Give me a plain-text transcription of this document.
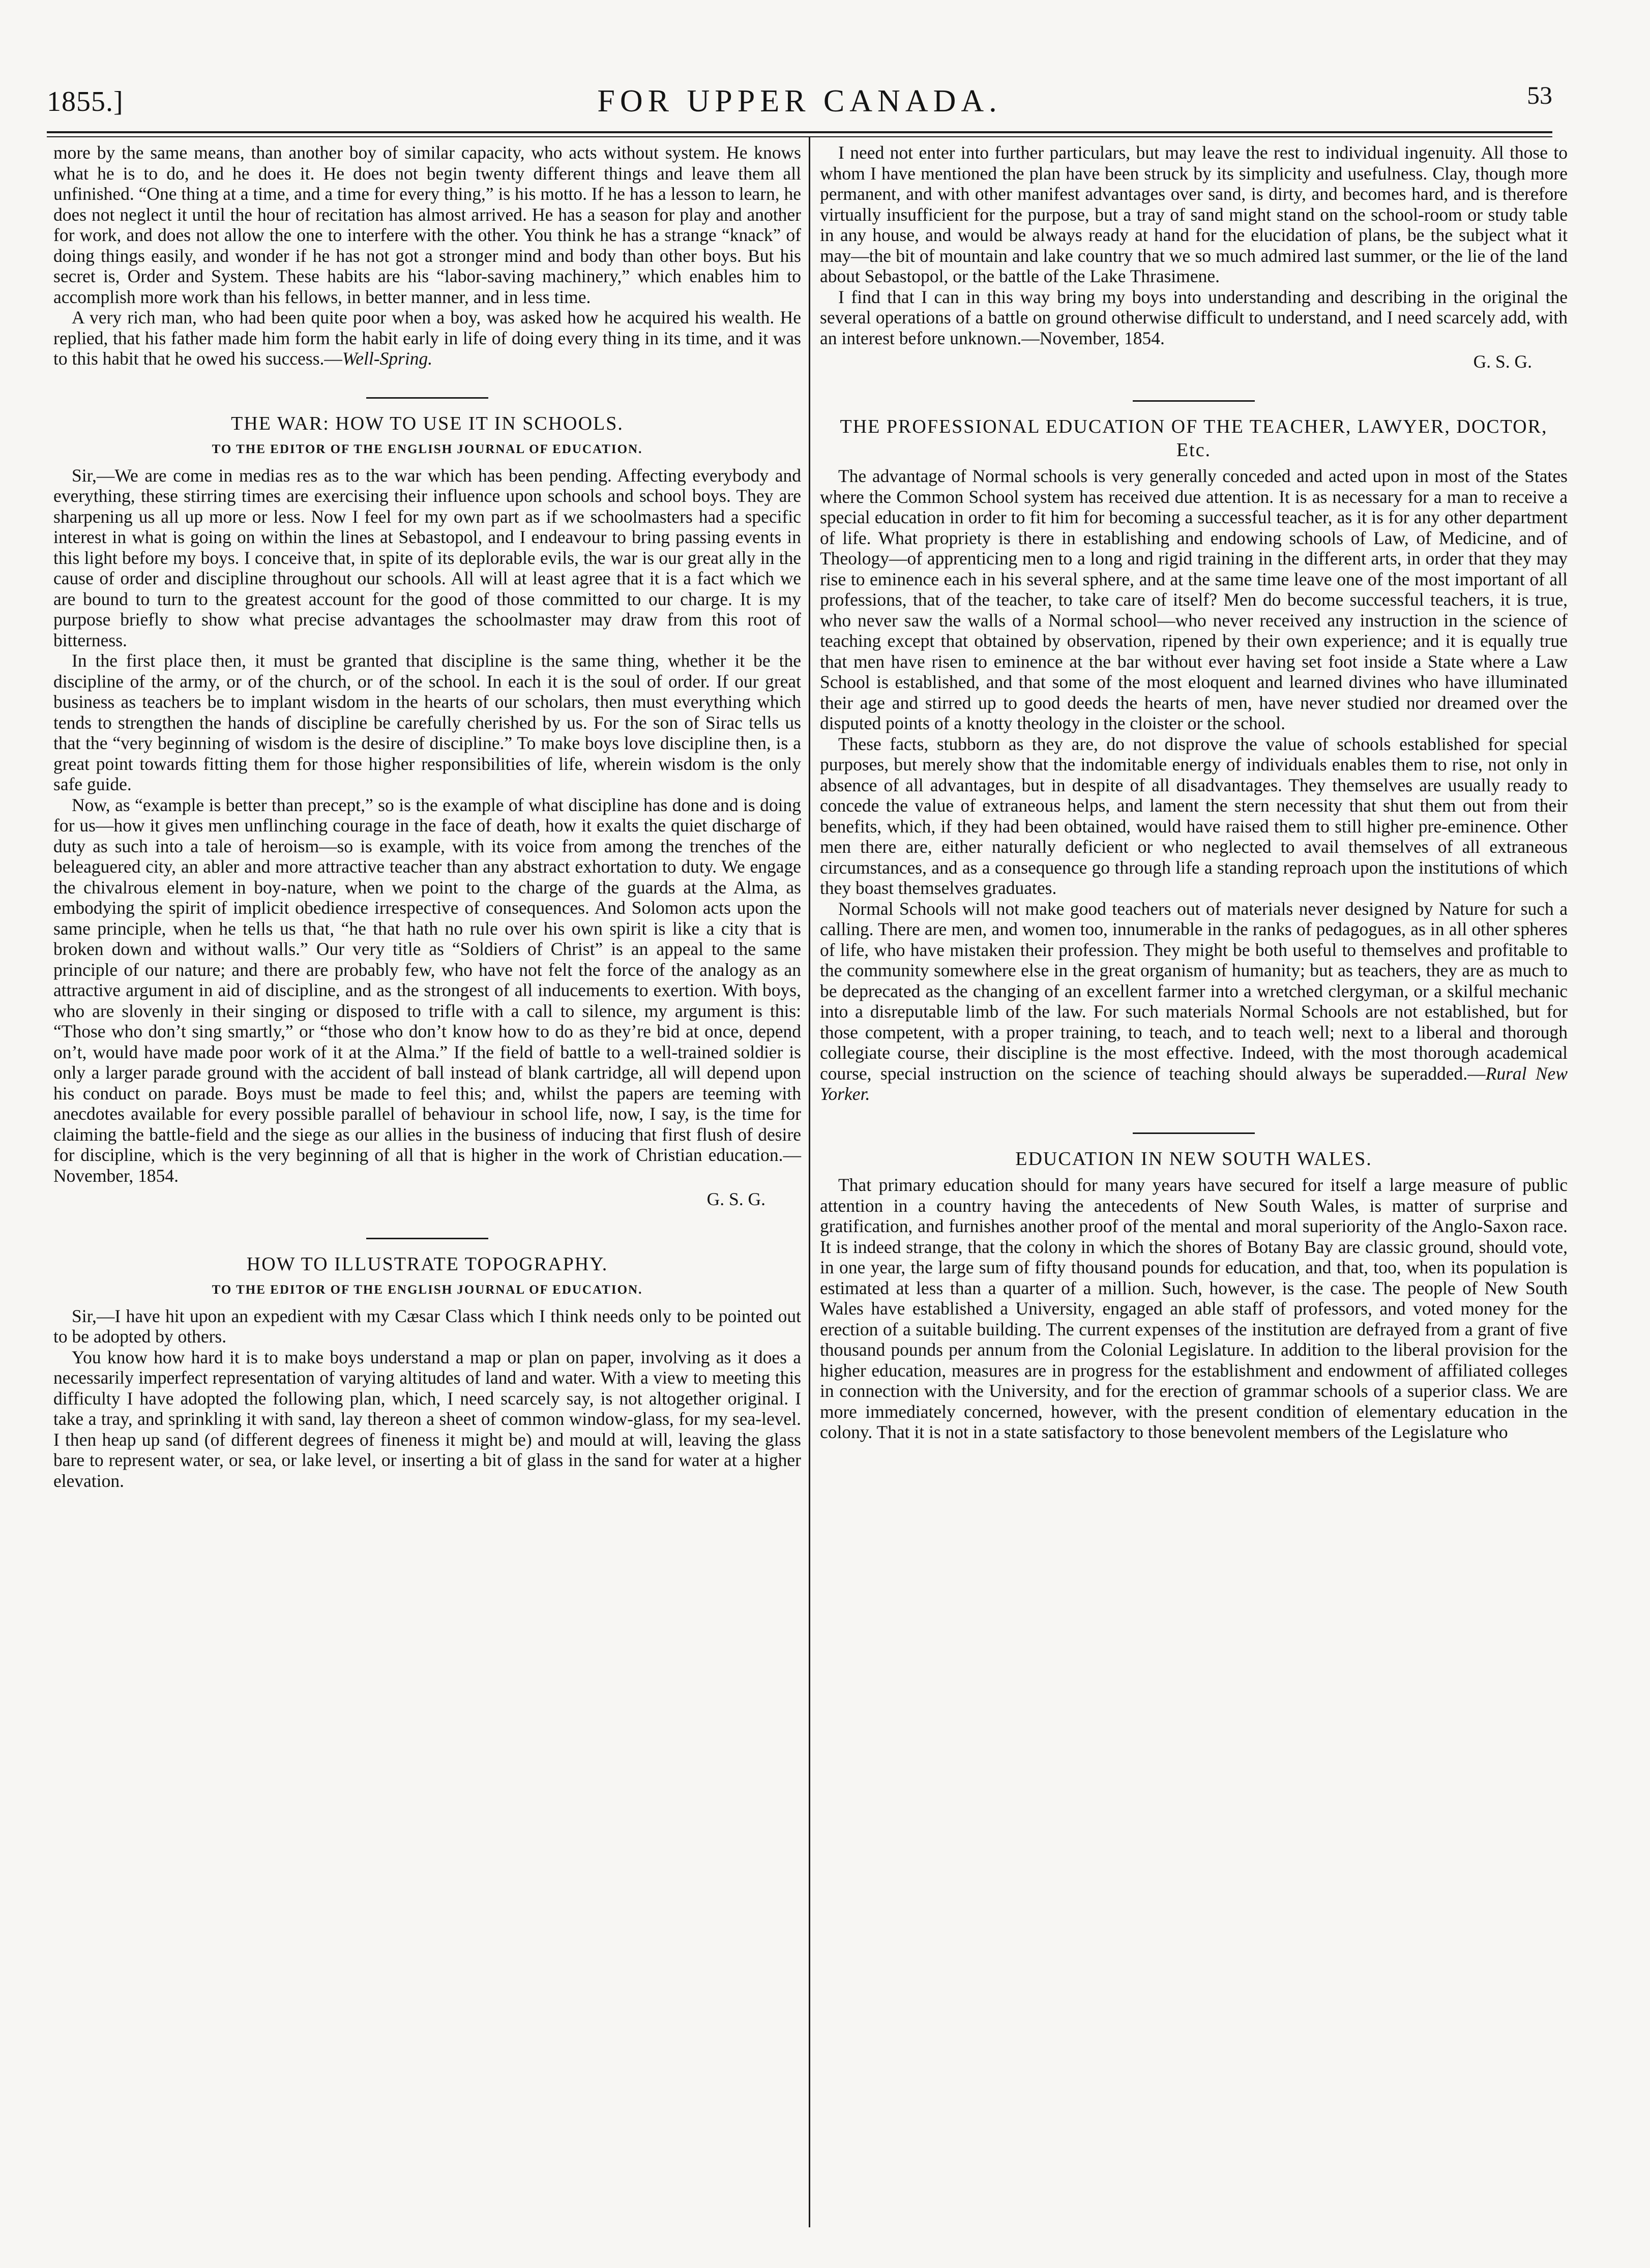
1855.]	FOR UPPER CANADA.	53

more by the same means, than another boy of similar capacity, who acts without system. He knows what he is to do, and he does it. He does not begin twenty different things and leave them all unfinished. “One thing at a time, and a time for every thing,” is his motto. If he has a lesson to learn, he does not neglect it until the hour of recitation has almost arrived. He has a season for play and another for work, and does not allow the one to interfere with the other. You think he has a strange “knack” of doing things easily, and wonder if he has not got a stronger mind and body than other boys. But his secret is, Order and System. These habits are his “labor-saving machinery,” which enables him to accomplish more work than his fellows, in better manner, and in less time.

A very rich man, who had been quite poor when a boy, was asked how he acquired his wealth. He replied, that his father made him form the habit early in life of doing every thing in its time, and it was to this habit that he owed his success.—Well-Spring.

THE WAR: HOW TO USE IT IN SCHOOLS.
TO THE EDITOR OF THE ENGLISH JOURNAL OF EDUCATION.

Sir,—We are come in medias res as to the war which has been pending. Affecting everybody and everything, these stirring times are exercising their influence upon schools and school boys. They are sharpening us all up more or less. Now I feel for my own part as if we schoolmasters had a specific interest in what is going on within the lines at Sebastopol, and I endeavour to bring passing events in this light before my boys. I conceive that, in spite of its deplorable evils, the war is our great ally in the cause of order and discipline throughout our schools. All will at least agree that it is a fact which we are bound to turn to the greatest account for the good of those committed to our charge. It is my purpose briefly to show what precise advantages the schoolmaster may draw from this root of bitterness.

In the first place then, it must be granted that discipline is the same thing, whether it be the discipline of the army, or of the church, or of the school. In each it is the soul of order. If our great business as teachers be to implant wisdom in the hearts of our scholars, then must everything which tends to strengthen the hands of discipline be carefully cherished by us. For the son of Sirac tells us that the “very beginning of wisdom is the desire of discipline.” To make boys love discipline then, is a great point towards fitting them for those higher responsibilities of life, wherein wisdom is the only safe guide.

Now, as “example is better than precept,” so is the example of what discipline has done and is doing for us—how it gives men unflinching courage in the face of death, how it exalts the quiet discharge of duty as such into a tale of heroism—so is example, with its voice from among the trenches of the beleaguered city, an abler and more attractive teacher than any abstract exhortation to duty. We engage the chivalrous element in boy-nature, when we point to the charge of the guards at the Alma, as embodying the spirit of implicit obedience irrespective of consequences. And Solomon acts upon the same principle, when he tells us that, “he that hath no rule over his own spirit is like a city that is broken down and without walls.” Our very title as “Soldiers of Christ” is an appeal to the same principle of our nature; and there are probably few, who have not felt the force of the analogy as an attractive argument in aid of discipline, and as the strongest of all inducements to exertion. With boys, who are slovenly in their singing or disposed to trifle with a call to silence, my argument is this: “Those who don’t sing smartly,” or “those who don’t know how to do as they’re bid at once, depend on’t, would have made poor work of it at the Alma.” If the field of battle to a well-trained soldier is only a larger parade ground with the accident of ball instead of blank cartridge, all will depend upon his conduct on parade. Boys must be made to feel this; and, whilst the papers are teeming with anecdotes available for every possible parallel of behaviour in school life, now, I say, is the time for claiming the battle-field and the siege as our allies in the business of inducing that first flush of desire for discipline, which is the very beginning of all that is higher in the work of Christian education.—November, 1854.

G. S. G.

HOW TO ILLUSTRATE TOPOGRAPHY.
TO THE EDITOR OF THE ENGLISH JOURNAL OF EDUCATION.

Sir,—I have hit upon an expedient with my Cæsar Class which I think needs only to be pointed out to be adopted by others.

You know how hard it is to make boys understand a map or plan on paper, involving as it does a necessarily imperfect representation of varying altitudes of land and water. With a view to meeting this difficulty I have adopted the following plan, which, I need scarcely say, is not altogether original. I take a tray, and sprinkling it with sand, lay thereon a sheet of common window-glass, for my sea-level. I then heap up sand (of different degrees of fineness it might be) and mould at will, leaving the glass bare to represent water, or sea, or lake level, or inserting a bit of glass in the sand for water at a higher elevation.

I need not enter into further particulars, but may leave the rest to individual ingenuity. All those to whom I have mentioned the plan have been struck by its simplicity and usefulness. Clay, though more permanent, and with other manifest advantages over sand, is dirty, and becomes hard, and is therefore virtually insufficient for the purpose, but a tray of sand might stand on the school-room or study table in any house, and would be always ready at hand for the elucidation of plans, be the subject what it may—the bit of mountain and lake country that we so much admired last summer, or the lie of the land about Sebastopol, or the battle of the Lake Thrasimene.

I find that I can in this way bring my boys into understanding and describing in the original the several operations of a battle on ground otherwise difficult to understand, and I need scarcely add, with an interest before unknown.—November, 1854.

G. S. G.

THE PROFESSIONAL EDUCATION OF THE TEACHER, LAWYER, DOCTOR, Etc.

The advantage of Normal schools is very generally conceded and acted upon in most of the States where the Common School system has received due attention. It is as necessary for a man to receive a special education in order to fit him for becoming a successful teacher, as it is for any other department of life. What propriety is there in establishing and endowing schools of Law, of Medicine, and of Theology—of apprenticing men to a long and rigid training in the different arts, in order that they may rise to eminence each in his several sphere, and at the same time leave one of the most important of all professions, that of the teacher, to take care of itself? Men do become successful teachers, it is true, who never saw the walls of a Normal school—who never received any instruction in the science of teaching except that obtained by observation, ripened by their own experience; and it is equally true that men have risen to eminence at the bar without ever having set foot inside a State where a Law School is established, and that some of the most eloquent and learned divines who have illuminated their age and stirred up to good deeds the hearts of men, have never studied nor dreamed over the disputed points of a knotty theology in the cloister or the school.

These facts, stubborn as they are, do not disprove the value of schools established for special purposes, but merely show that the indomitable energy of individuals enables them to rise, not only in absence of all advantages, but in despite of all disadvantages. They themselves are usually ready to concede the value of extraneous helps, and lament the stern necessity that shut them out from their benefits, which, if they had been obtained, would have raised them to still higher pre-eminence. Other men there are, either naturally deficient or who neglected to avail themselves of all extraneous circumstances, and as a consequence go through life a standing reproach upon the institutions of which they boast themselves graduates.

Normal Schools will not make good teachers out of materials never designed by Nature for such a calling. There are men, and women too, innumerable in the ranks of pedagogues, as in all other spheres of life, who have mistaken their profession. They might be both useful to themselves and profitable to the community somewhere else in the great organism of humanity; but as teachers, they are as much to be deprecated as the changing of an excellent farmer into a wretched clergyman, or a skilful mechanic into a disreputable limb of the law. For such materials Normal Schools are not established, but for those competent, with a proper training, to teach, and to teach well; next to a liberal and thorough collegiate course, their discipline is the most effective. Indeed, with the most thorough academical course, special instruction on the science of teaching should always be superadded.—Rural New Yorker.

EDUCATION IN NEW SOUTH WALES.

That primary education should for many years have secured for itself a large measure of public attention in a country having the antecedents of New South Wales, is matter of surprise and gratification, and furnishes another proof of the mental and moral superiority of the Anglo-Saxon race. It is indeed strange, that the colony in which the shores of Botany Bay are classic ground, should vote, in one year, the large sum of fifty thousand pounds for education, and that, too, when its population is estimated at less than a quarter of a million. Such, however, is the case. The people of New South Wales have established a University, engaged an able staff of professors, and voted money for the erection of a suitable building. The current expenses of the institution are defrayed from a grant of five thousand pounds per annum from the Colonial Legislature. In addition to the liberal provision for the higher education, measures are in progress for the establishment and endowment of affiliated colleges in connection with the University, and for the erection of grammar schools of a superior class. We are more immediately concerned, however, with the present condition of elementary education in the colony. That it is not in a state satisfactory to those benevolent members of the Legislature who
